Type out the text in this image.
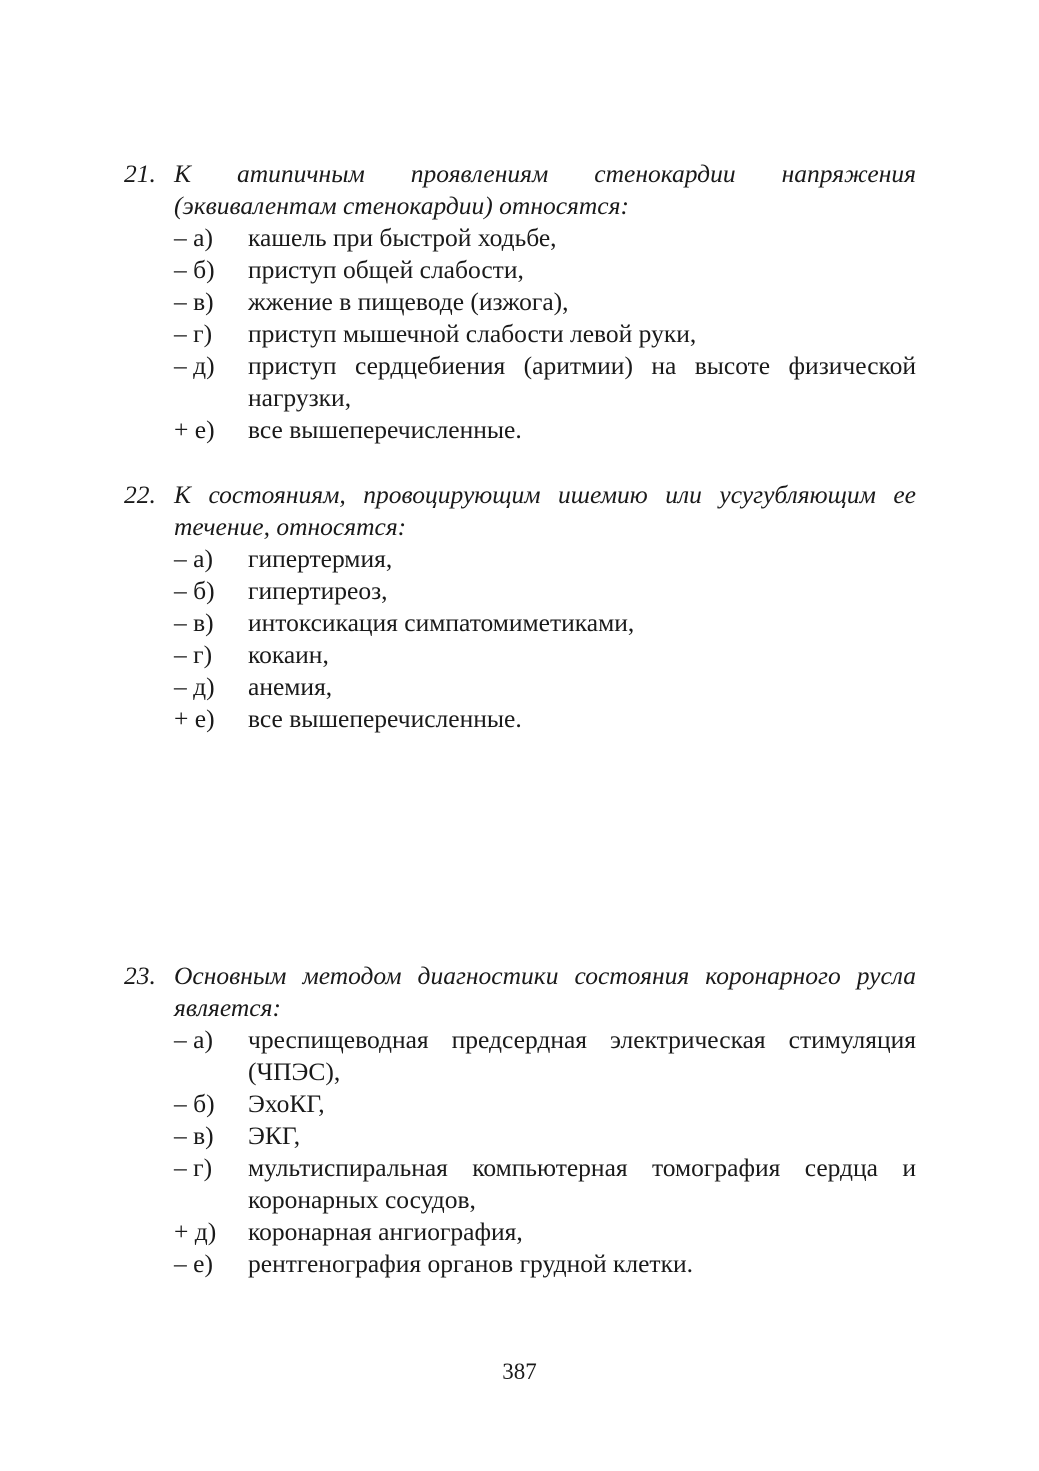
21. К атипичным проявлениям стенокардии напряжения (эквивалентам стенокардии) относятся:
– а)	кашель при быстрой ходьбе,
– б)	приступ общей слабости,
– в)	жжение в пищеводе (изжога),
– г)	приступ мышечной слабости левой руки,
– д)	приступ сердцебиения (аритмии) на высоте физической нагрузки,
+ е)	все вышеперечисленные.
22. К состояниям, провоцирующим ишемию или усугубляющим ее течение, относятся:
– а)	гипертермия,
– б)	гипертиреоз,
– в)	интоксикация симпатомиметиками,
– г)	кокаин,
– д)	анемия,
+ е)	все вышеперечисленные.
23. Основным методом диагностики состояния коронарного русла является:
– а)	чреспищеводная предсердная электрическая стимуляция (ЧПЭС),
– б)	ЭхоКГ,
– в)	ЭКГ,
– г)	мультиспиральная компьютерная томография сердца и коронарных сосудов,
+ д)	коронарная ангиография,
– е)	рентгенография органов грудной клетки.
387
